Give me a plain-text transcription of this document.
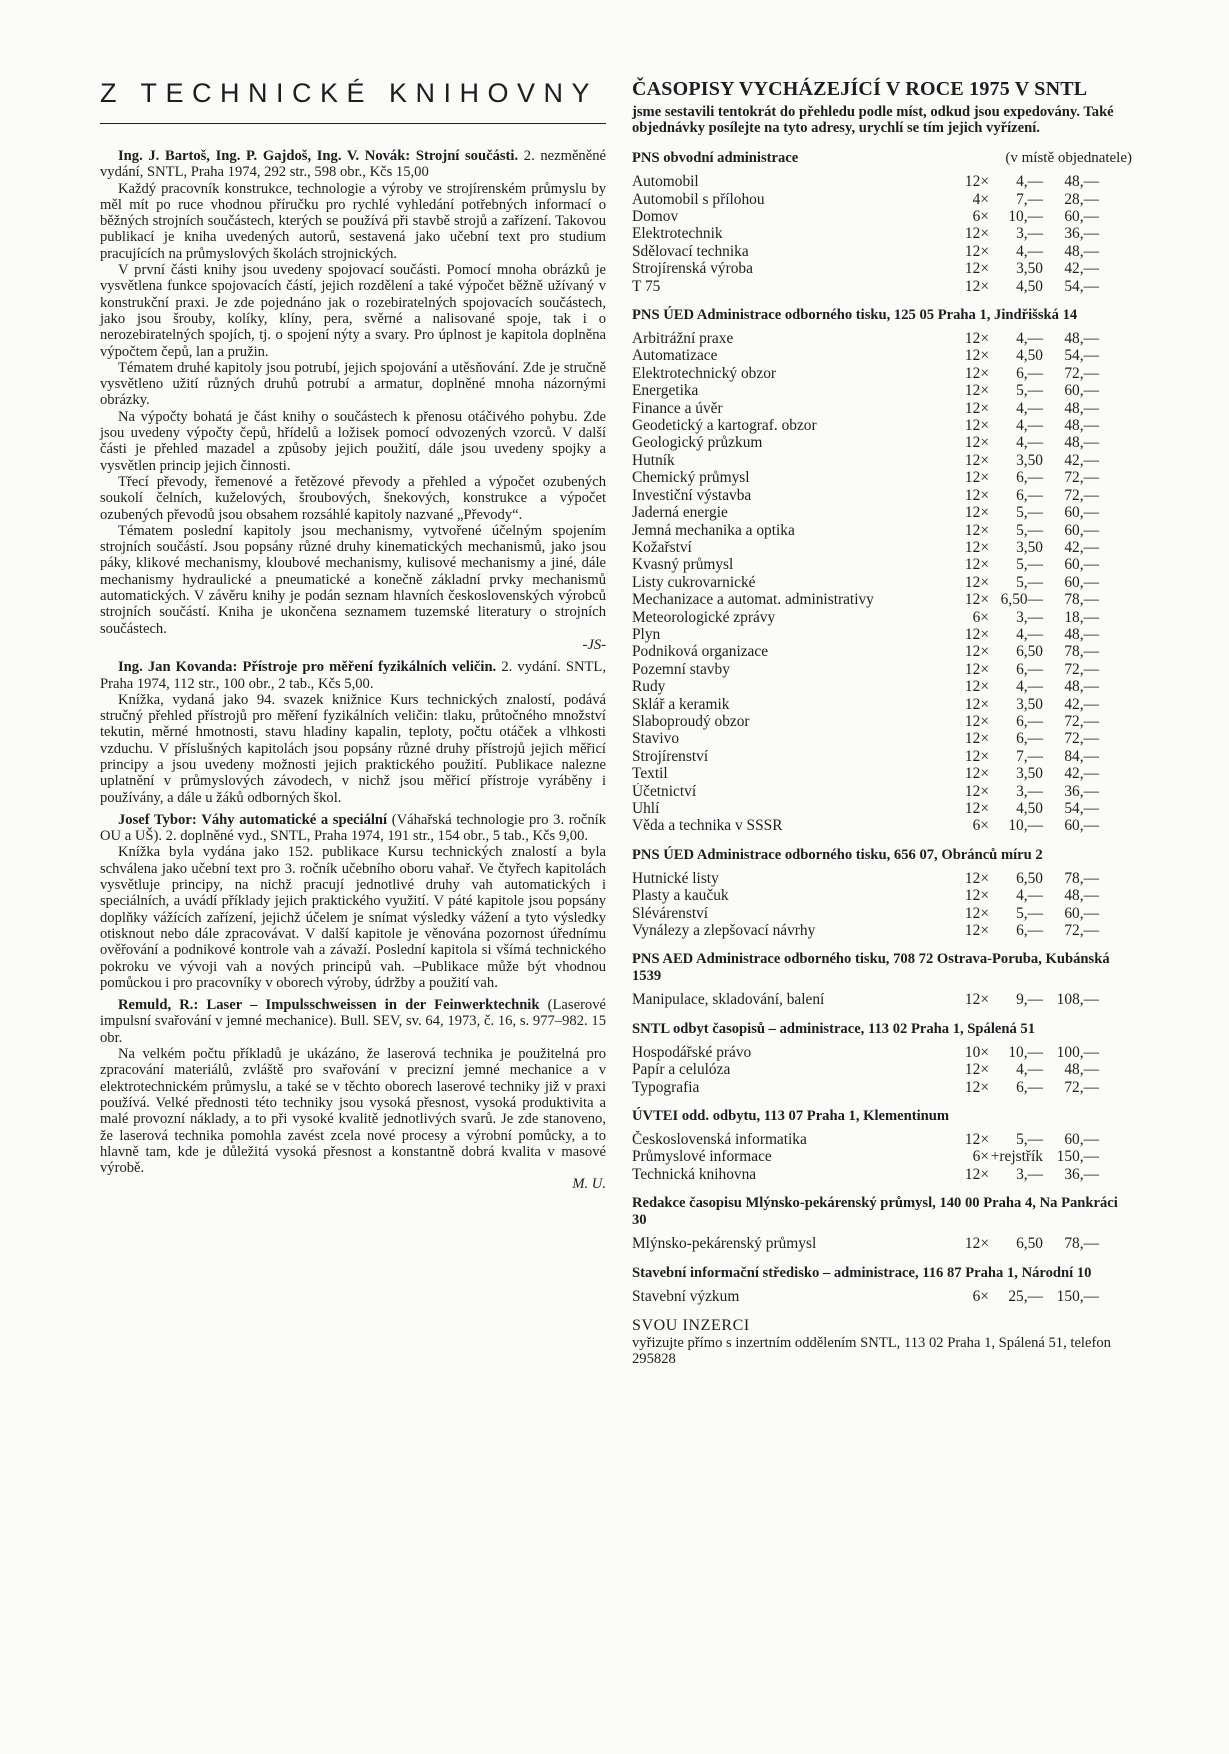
Z TECHNICKÉ KNIHOVNY

Ing. J. Bartoš, Ing. P. Gajdoš, Ing. V. Novák: Strojní součásti. 2. nezměněné vydání, SNTL, Praha 1974, 292 str., 598 obr., Kčs 15,00

Každý pracovník konstrukce, technologie a výroby ve strojírenském průmyslu by měl mít po ruce vhodnou příručku pro rychlé vyhledání potřebných informací o běžných strojních součástech, kterých se používá při stavbě strojů a zařízení. Takovou publikací je kniha uvedených autorů, sestavená jako učební text pro studium pracujících na průmyslových školách strojnických.

V první části knihy jsou uvedeny spojovací součásti. Pomocí mnoha obrázků je vysvětlena funkce spojovacích částí, jejich rozdělení a také výpočet běžně užívaný v konstrukční praxi. Je zde pojednáno jak o rozebiratelných spojovacích součástech, jako jsou šrouby, kolíky, klíny, pera, svěrné a nalisované spoje, tak i o nerozebiratelných spojích, tj. o spojení nýty a svary. Pro úplnost je kapitola doplněna výpočtem čepů, lan a pružin.

Tématem druhé kapitoly jsou potrubí, jejich spojování a utěsňování. Zde je stručně vysvětleno užití různých druhů potrubí a armatur, doplněné mnoha názornými obrázky.

Na výpočty bohatá je část knihy o součástech k přenosu otáčivého pohybu. Zde jsou uvedeny výpočty čepů, hřídelů a ložisek pomocí odvozených vzorců. V další části je přehled mazadel a způsoby jejich použití, dále jsou uvedeny spojky a vysvětlen princip jejich činnosti.

Třecí převody, řemenové a řetězové převody a přehled a výpočet ozubených soukolí čelních, kuželových, šroubových, šnekových, konstrukce a výpočet ozubených převodů jsou obsahem rozsáhlé kapitoly nazvané „Převody“.

Tématem poslední kapitoly jsou mechanismy, vytvořené účelným spojením strojních součástí. Jsou popsány různé druhy kinematických mechanismů, jako jsou páky, klikové mechanismy, kloubové mechanismy, kulisové mechanismy a jiné, dále mechanismy hydraulické a pneumatické a konečně základní prvky mechanismů automatických. V závěru knihy je podán seznam hlavních československých výrobců strojních součástí. Kniha je ukončena seznamem tuzemské literatury o strojních součástech.

-JS-

Ing. Jan Kovanda: Přístroje pro měření fyzikálních veličin. 2. vydání. SNTL, Praha 1974, 112 str., 100 obr., 2 tab., Kčs 5,00.

Knížka, vydaná jako 94. svazek knižnice Kurs technických znalostí, podává stručný přehled přístrojů pro měření fyzikálních veličin: tlaku, průtočného množství tekutin, měrné hmotnosti, stavu hladiny kapalin, teploty, počtu otáček a vlhkosti vzduchu. V příslušných kapitolách jsou popsány různé druhy přístrojů jejich měřicí principy a jsou uvedeny možnosti jejich praktického použití. Publikace nalezne uplatnění v průmyslových závodech, v nichž jsou měřicí přístroje vyráběny i používány, a dále u žáků odborných škol.

Josef Tybor: Váhy automatické a speciální (Váhařská technologie pro 3. ročník OU a UŠ). 2. doplněné vyd., SNTL, Praha 1974, 191 str., 154 obr., 5 tab., Kčs 9,00.

Knížka byla vydána jako 152. publikace Kursu technických znalostí a byla schválena jako učební text pro 3. ročník učebního oboru vahař. Ve čtyřech kapitolách vysvětluje principy, na nichž pracují jednotlivé druhy vah automatických i speciálních, a uvádí příklady jejich praktického využití. V páté kapitole jsou popsány doplňky vážících zařízení, jejichž účelem je snímat výsledky vážení a tyto výsledky otisknout nebo dále zpracovávat. V další kapitole je věnována pozornost úřednímu ověřování a podnikové kontrole vah a závaží. Poslední kapitola si všímá technického pokroku ve vývoji vah a nových principů vah. –Publikace může být vhodnou pomůckou i pro pracovníky v oborech výroby, údržby a použití vah.

Remuld, R.: Laser – Impulsschweissen in der Feinwerktechnik (Laserové impulsní svařování v jemné mechanice). Bull. SEV, sv. 64, 1973, č. 16, s. 977–982. 15 obr.

Na velkém počtu příkladů je ukázáno, že laserová technika je použitelná pro zpracování materiálů, zvláště pro svařování v precizní jemné mechanice a v elektrotechnickém průmyslu, a také se v těchto oborech laserové techniky již v praxi používá. Velké přednosti této techniky jsou vysoká přesnost, vysoká produktivita a malé provozní náklady, a to při vysoké kvalitě jednotlivých svarů. Je zde stanoveno, že laserová technika pomohla zavést zcela nové procesy a výrobní pomůcky, a to hlavně tam, kde je důležitá vysoká přesnost a konstantně dobrá kvalita v masové výrobě.

M. U.

ČASOPISY VYCHÁZEJÍCÍ V ROCE 1975 V SNTL
jsme sestavili tentokrát do přehledu podle míst, odkud jsou expedovány. Také objednávky posílejte na tyto adresy, urychlí se tím jejich vyřízení.
PNS obvodní administrace	(v místě objednatele)
Automobil	12×	4,—	48,—
Automobil s přílohou	4×	7,—	28,—
Domov	6×	10,—	60,—
Elektrotechnik	12×	3,—	36,—
Sdělovací technika	12×	4,—	48,—
Strojírenská výroba	12×	3,50	42,—
T 75	12×	4,50	54,—
PNS ÚED Administrace odborného tisku, 125 05 Praha 1, Jindřišská 14
Arbitrážní praxe	12×	4,—	48,—
Automatizace	12×	4,50	54,—
Elektrotechnický obzor	12×	6,—	72,—
Energetika	12×	5,—	60,—
Finance a úvěr	12×	4,—	48,—
Geodetický a kartograf. obzor	12×	4,—	48,—
Geologický průzkum	12×	4,—	48,—
Hutník	12×	3,50	42,—
Chemický průmysl	12×	6,—	72,—
Investiční výstavba	12×	6,—	72,—
Jaderná energie	12×	5,—	60,—
Jemná mechanika a optika	12×	5,—	60,—
Kožařství	12×	3,50	42,—
Kvasný průmysl	12×	5,—	60,—
Listy cukrovarnické	12×	5,—	60,—
Mechanizace a automat. administrativy	12× 6,50—	78,—
Meteorologické zprávy	6×	3,—	18,—
Plyn	12×	4,—	48,—
Podniková organizace	12×	6,50	78,—
Pozemní stavby	12×	6,—	72,—
Rudy	12×	4,—	48,—
Sklář a keramik	12×	3,50	42,—
Slaboproudý obzor	12×	6,—	72,—
Stavivo	12×	6,—	72,—
Strojírenství	12×	7,—	84,—
Textil	12×	3,50	42,—
Účetnictví	12×	3,—	36,—
Uhlí	12×	4,50	54,—
Věda a technika v SSSR	6×	10,—	60,—
PNS ÚED Administrace odborného tisku, 656 07, Obránců míru 2
Hutnické listy	12×	6,50	78,—
Plasty a kaučuk	12×	4,—	48,—
Slévárenství	12×	5,—	60,—
Vynálezy a zlepšovací návrhy	12×	6,—	72,—
PNS AED Administrace odborného tisku, 708 72 Ostrava-Poruba, Kubánská 1539
Manipulace, skladování, balení	12×	9,— 108,—
SNTL odbyt časopisů – administrace, 113 02 Praha 1, Spálená 51
Hospodářské právo	10×	10,— 100,—
Papír a celulóza	12×	4,—	48,—
Typografia	12×	6,—	72,—
ÚVTEI odd. odbytu, 113 07 Praha 1, Klementinum
Československá informatika	12×	5,—	60,—
Průmyslové informace	6× +rejstřík 150,—
Technická knihovna	12×	3,—	36,—
Redakce časopisu Mlýnsko-pekárenský průmysl, 140 00 Praha 4, Na Pankráci 30
Mlýnsko-pekárenský průmysl	12×	6,50	78,—
Stavební informační středisko – administrace, 116 87 Praha 1, Národní 10
Stavební výzkum	6×	25,— 150,—
SVOU INZERCI
vyřizujte přímo s inzertním oddělením SNTL, 113 02 Praha 1, Spálená 51, telefon 295828
